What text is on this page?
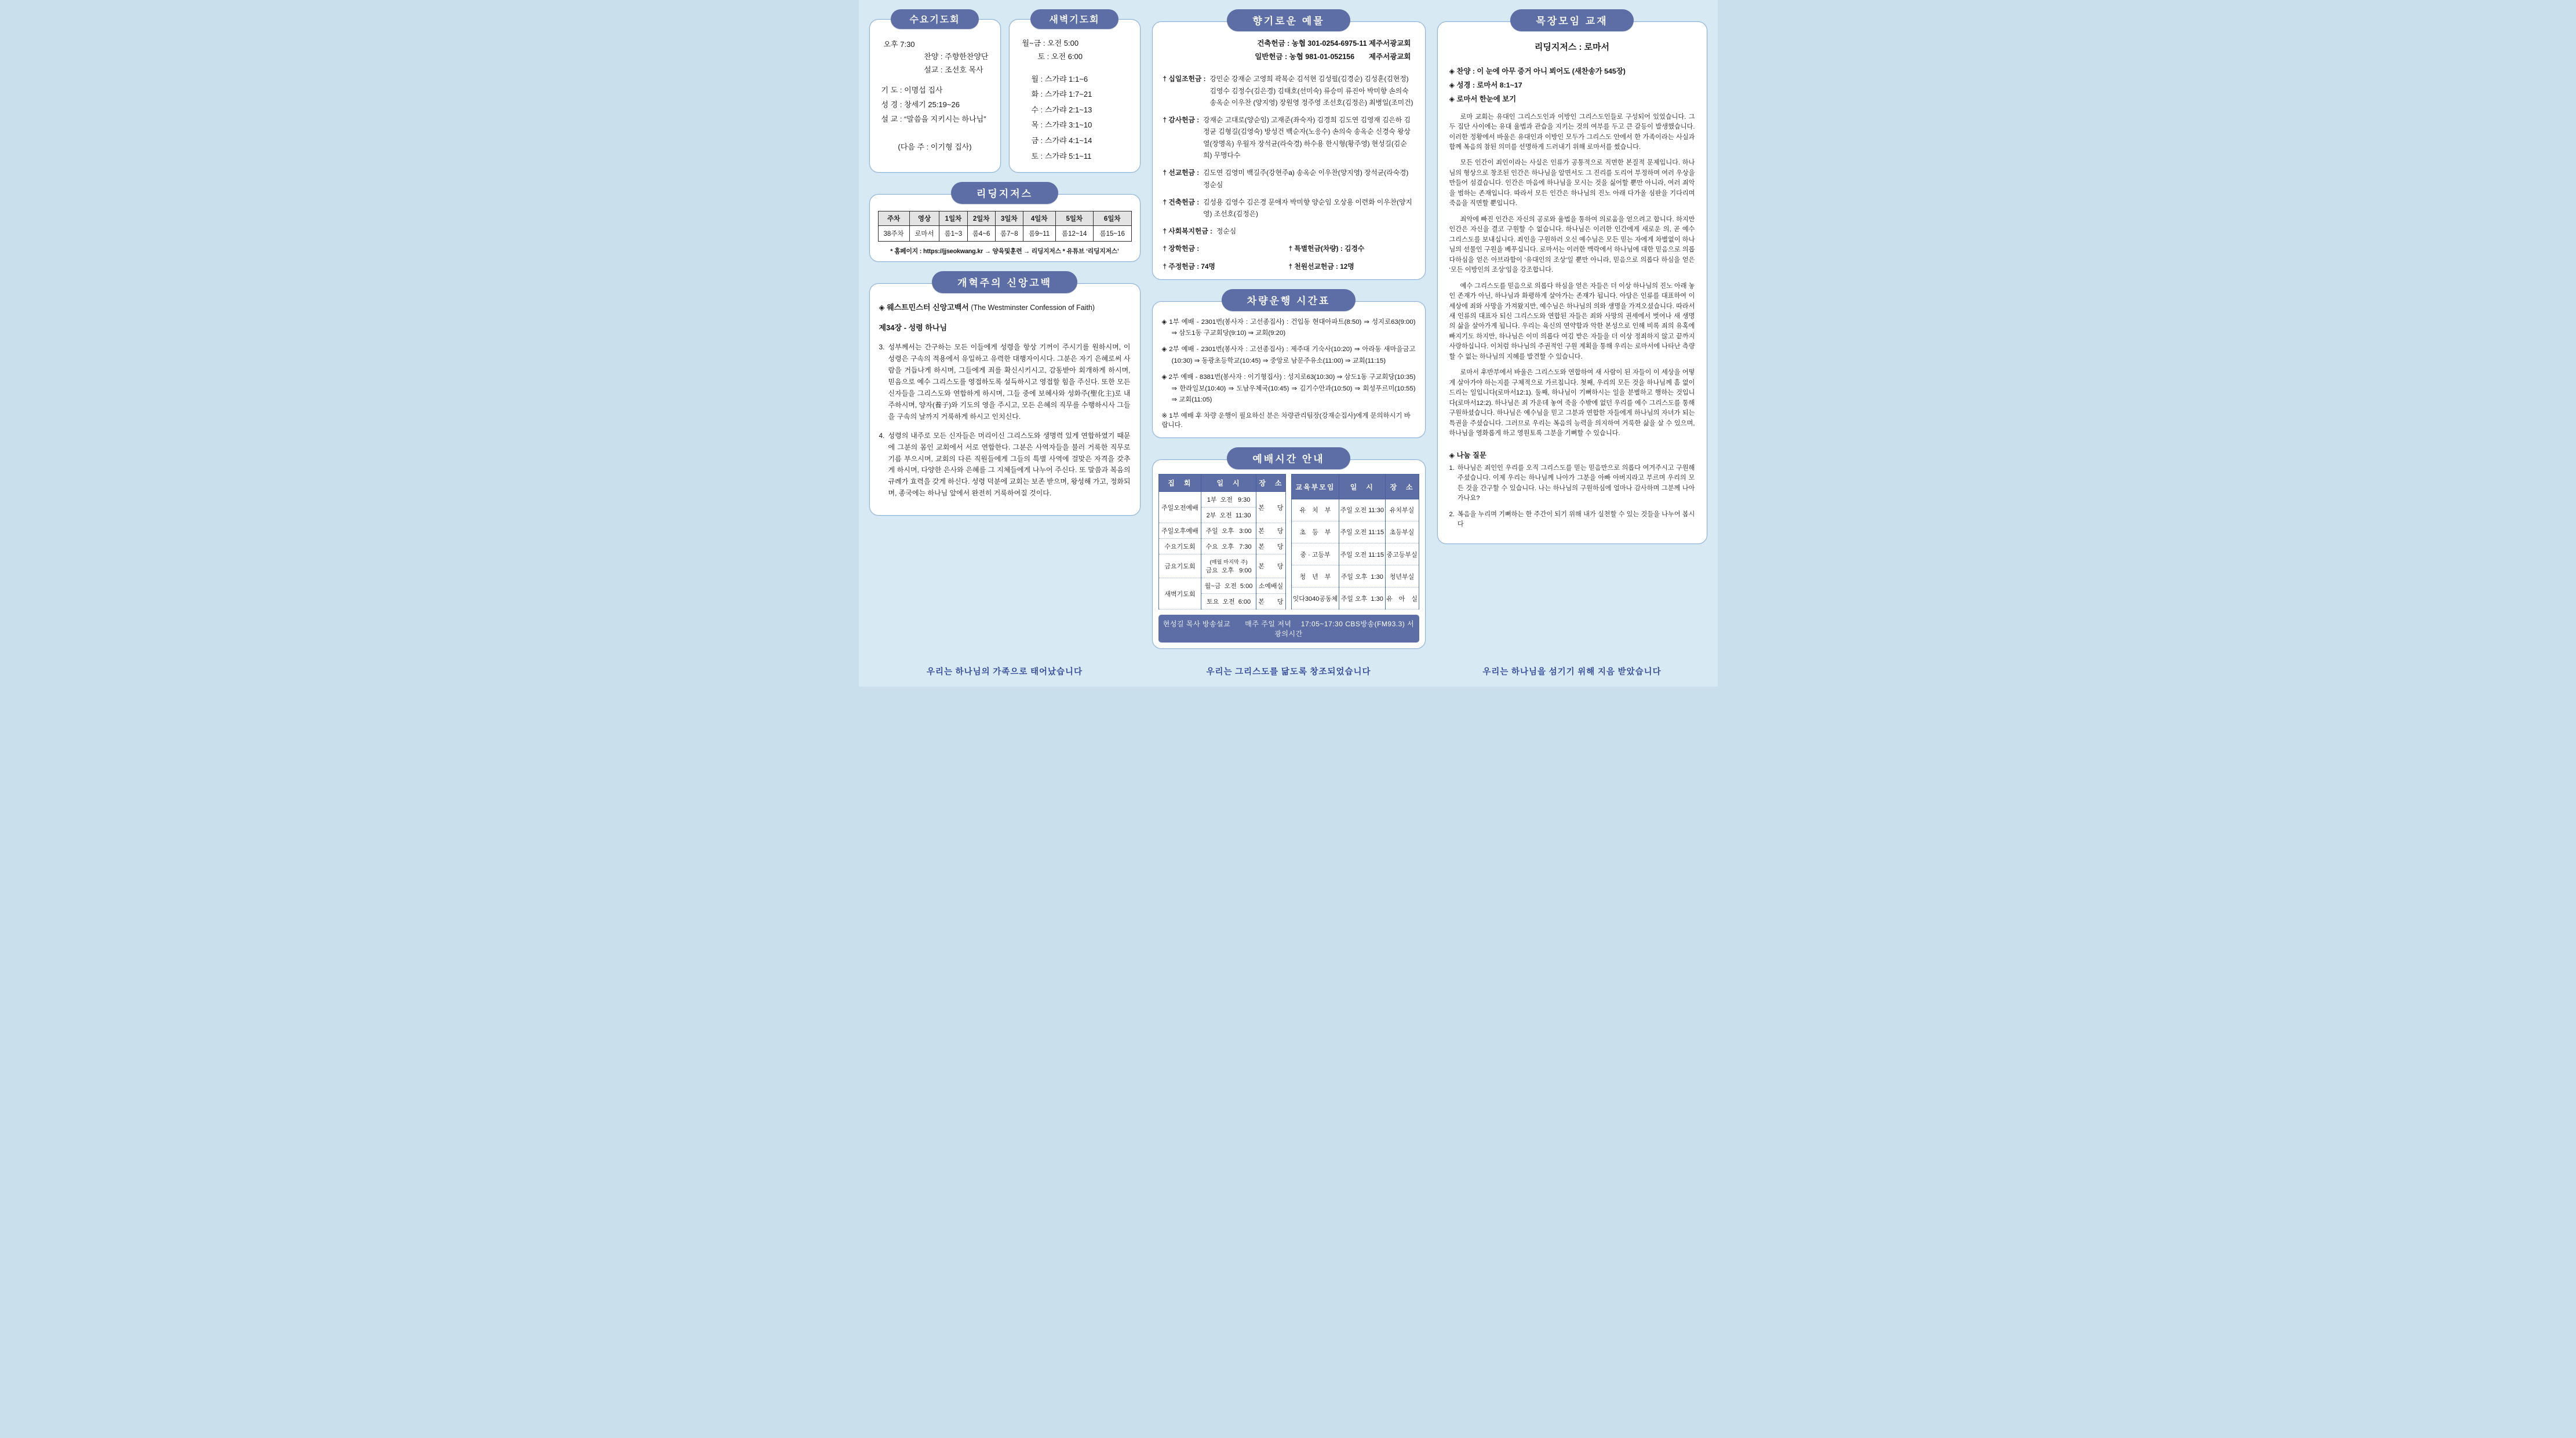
수요기도회
오후 7:30
찬양 : 주향한찬양단
설교 : 조선호 목사
기 도 : 이명섭 집사
성 경 : 창세기 25:19~26
설 교 : “말씀을 지키시는 하나님”
(다음 주 : 이기형 집사)
새벽기도회
월~금 : 오전 5:00
토 : 오전 6:00
월 : 스가랴 1:1~6
화 : 스가랴 1:7~21
수 : 스가랴 2:1~13
목 : 스가랴 3:1~10
금 : 스가랴 4:1~14
토 : 스가랴 5:1~11
리딩지저스
주차	영상	1일차	2일차	3일차	4일차	5일차	6일차
38주차	로마서	롬1~3	롬4~6	롬7~8	롬9~11	롬12~14	롬15~16
* 홈페이지 : https://jjseokwang.kr → 양육및훈련 → 리딩지저스 * 유튜브 ‘리딩지저스’
개혁주의 신앙고백
◈ 웨스트민스터 신앙고백서 (The Westminster Confession of Faith)
제34장 - 성령 하나님
3. 성부께서는 간구하는 모든 이들에게 성령을 항상 기꺼이 주시기를 원하시며, 이 성령은 구속의 적용에서 유일하고 유력한 대행자이시다. 그분은 자기 은혜로써 사람을 거듭나게 하시며, 그들에게 죄를 확신시키시고, 감동받아 회개하게 하시며, 믿음으로 예수 그리스도를 영접하도록 설득하시고 영접할 힘을 주신다. 또한 모든 신자들을 그리스도와 연합하게 하시며, 그들 중에 보혜사와 성화주(聖化主)로 내주하시며, 양자(養子)와 기도의 영을 주시고, 모든 은혜의 직무를 수행하시사 그들을 구속의 날까지 거룩하게 하시고 인치신다.
4. 성령의 내주로 모든 신자들은 머리이신 그리스도와 생명력 있게 연합하였기 때문에 그분의 몸인 교회에서 서로 연합한다. 그분은 사역자들을 불러 거룩한 직무로 기름 부으시며, 교회의 다른 직원들에게 그들의 특별 사역에 걸맞은 자격을 갖추게 하시며, 다양한 은사와 은혜를 그 지체들에게 나누어 주신다. 또 말씀과 복음의 규례가 효력을 갖게 하신다. 성령 덕분에 교회는 보존 받으며, 왕성해 가고, 정화되며, 종국에는 하나님 앞에서 완전히 거룩하여질 것이다.
우리는 하나님의 가족으로 태어났습니다
향기로운 예물
건축헌금 : 농협 301-0254-6975-11 제주서광교회
일반헌금 : 농협 981-01-052156　　제주서광교회
† 십일조헌금 : 강민순 강재순 고영희 곽복순 김석현 김성필(김경순) 김성훈(김현정) 김영수 김정수(김은경) 김태호(선미숙) 류승미 류진아 박미향 손의숙 송옥순 이우찬 (양지영) 장원영 정주영 조선호(김정은) 최병일(조미건)
† 감사헌금 : 강재순 고대로(양순임) 고재준(좌숙자) 김경희 김도연 김영재 김은하 김정균 김형길(김영숙) 방성건 백순자(노응수) 손의숙 송옥순 신경숙 왕상열(장명옥) 우월자 장석균(라숙경) 하수용 한시형(황주영) 현성길(김순희) 무명다수
† 선교헌금 : 김도연 김영미 백길주(강현주a) 송옥순 이우찬(양지영) 장석균(라숙경) 정순심
† 건축헌금 : 김성용 김영수 김은경 문애자 박미향 양순임 오상용 이련화 이우찬(양지영) 조선호(김정은)
† 사회복지헌금 : 정순심
† 장학헌금 :
† 주정헌금 : 74명
† 특별헌금(차량) : 김경수
† 천원선교헌금 : 12명
차량운행 시간표
◈ 1부 예배 - 2301번(봉사자 : 고선종집사) : 건입동 현대아파트(8:50) ⇒ 성지로63(9:00) ⇒ 삼도1동 구교회당(9:10) ⇒ 교회(9:20)
◈ 2부 예배 - 2301번(봉사자 : 고선종집사) : 제주대 기숙사(10:20) ⇒ 아라동 새마을금고(10:30) ⇒ 동광초등학교(10:45) ⇒ 중앙로 남문주유소(11:00) ⇒ 교회(11:15)
◈ 2부 예배 - 8381번(봉사자 : 이기형집사) : 성지로63(10:30) ⇒ 삼도1동 구교회당(10:35) ⇒ 한라일보(10:40) ⇒ 도남우체국(10:45) ⇒ 김기수안과(10:50) ⇒ 회성푸르미(10:55) ⇒ 교회(11:05)
※ 1부 예배 후 차량 운행이 필요하신 분은 차량관리팀장(강재순집사)에게 문의하시기 바랍니다.
예배시간 안내
집　회	일　시	장　소
주일오전예배	1부  오전   9:30	본　　당
	2부  오전  11:30	
주일오후예배	주일  오후   3:00	본　　당
수요기도회	수요  오후   7:30	본　　당
금요기도회	(매월 마지막 주)
금요  오후   9:00	본　　당
새벽기도회	월~금  오전  5:00	소예배실
	토요  오전  6:00	본　　당
교육부모임	일　시	장　소
유　치　부	주일 오전 11:30	유치부실
초　등　부	주일 오전 11:15	초등부실
중 · 고등부	주일 오전 11:15	중고등부실
청　년　부	주일 오후  1:30	청년부실
잇다3040공동체	주일 오후  1:30	유　아　실
현성길 목사 방송설교　　매주 주일 저녁　 17:05~17:30 CBS방송(FM93.3) 서광의시간
우리는 그리스도를 닮도록 창조되었습니다
목장모임 교재
리딩지저스 : 로마서
◈ 찬양 : 이 눈에 아무 증거 아니 뵈어도 (새찬송가 545장)
◈ 성경 : 로마서 8:1~17
◈ 로마서 한눈에 보기
로마 교회는 유대인 그리스도인과 이방인 그리스도인들로 구성되어 있었습니다. 그 두 집단 사이에는 유대 율법과 관습을 지키는 것의 여부를 두고 큰 갈등이 발생했습니다. 이러한 정황에서 바울은 유대인과 이방인 모두가 그리스도 안에서 한 가족이라는 사실과 함께 복음의 참된 의미를 선명하게 드러내기 위해 로마서를 썼습니다.
모든 인간이 죄인이라는 사실은 인류가 공통적으로 직면한 본질적 문제입니다. 하나님의 형상으로 창조된 인간은 하나님을 알면서도 그 진리를 도리어 부정하며 여러 우상을 만들어 섬겼습니다. 인간은 마음에 하나님을 모시는 것을 싫어할 뿐만 아니라, 여러 죄악을 범하는 존재입니다. 따라서 모든 인간은 하나님의 진노 아래 다가올 심판을 기다리며 죽음을 직면할 뿐입니다.
죄악에 빠진 인간은 자신의 공로와 율법을 통하여 의로움을 얻으려고 합니다. 하지만 인간은 자신을 결코 구원할 수 없습니다. 하나님은 이러한 인간에게 새로운 의, 곧 예수 그리스도를 보내십니다. 죄인을 구원하러 오신 예수님은 모든 믿는 자에게 차별없이 하나님의 선물인 구원을 베푸십니다. 로마서는 이러한 맥락에서 하나님에 대한 믿음으로 의롭다하심을 얻은 아브라함이 ‘유대인의 조상’일 뿐만 아니라, 믿음으로 의롭다 하심을 얻은 ‘모든 이방인의 조상’임을 강조합니다.
예수 그리스도를 믿음으로 의롭다 하심을 얻은 자들은 더 이상 하나님의 진노 아래 놓인 존재가 아닌, 하나님과 화평하게 살아가는 존재가 됩니다. 아담은 인류를 대표하여 이 세상에 죄와 사망을 가져왔지만, 예수님은 하나님의 의와 생명을 가져오셨습니다. 따라서 새 인류의 대표자 되신 그리스도와 연합된 자들은 죄와 사망의 권세에서 벗어나 새 생명의 삶을 살아가게 됩니다. 우리는 육신의 연약함과 악한 본성으로 인해 비록 죄의 유혹에 빠지기도 하지만, 하나님은 이미 의롭다 여김 받은 자들을 더 이상 정죄하지 않고 끝까지 사랑하십니다. 이처럼 하나님의 주권적인 구원 계획을 통해 우리는 로마서에 나타난 측량할 수 없는 하나님의 지혜를 발견할 수 있습니다.
로마서 후반부에서 바울은 그리스도와 연합하여 새 사람이 된 자들이 이 세상을 어떻게 살아가야 하는지를 구체적으로 가르칩니다. 첫째, 우리의 모든 것을 하나님께 흠 없이 드리는 일입니다(로마서12:1). 둘째, 하나님이 기뻐하시는 일을 분별하고 행하는 것입니다(로마서12:2). 하나님은 죄 가운데 놓여 죽을 수밖에 없던 우리를 예수 그리스도를 통해 구원하셨습니다. 하나님은 예수님을 믿고 그분과 연합한 자들에게 하나님의 자녀가 되는 특권을 주셨습니다. 그러므로 우리는 복음의 능력을 의지하여 거룩한 삶을 살 수 있으며, 하나님을 영화롭게 하고 영원토록 그분을 기뻐할 수 있습니다.
◈ 나눔 질문
1. 하나님은 죄인인 우리를 오직 그리스도를 믿는 믿음만으로 의롭다 여겨주시고 구원해 주셨습니다. 이제 우리는 하나님께 나아가 그분을 아빠 아버지라고 부르며 우리의 모든 것을 간구할 수 있습니다. 나는 하나님의 구원하심에 얼마나 감사하며 그분께 나아가나요?
2. 복음을 누리며 기뻐하는 한 주간이 되기 위해 내가 실천할 수 있는 것들을 나누어 봅시다
우리는 하나님을 섬기기 위해 지음 받았습니다
